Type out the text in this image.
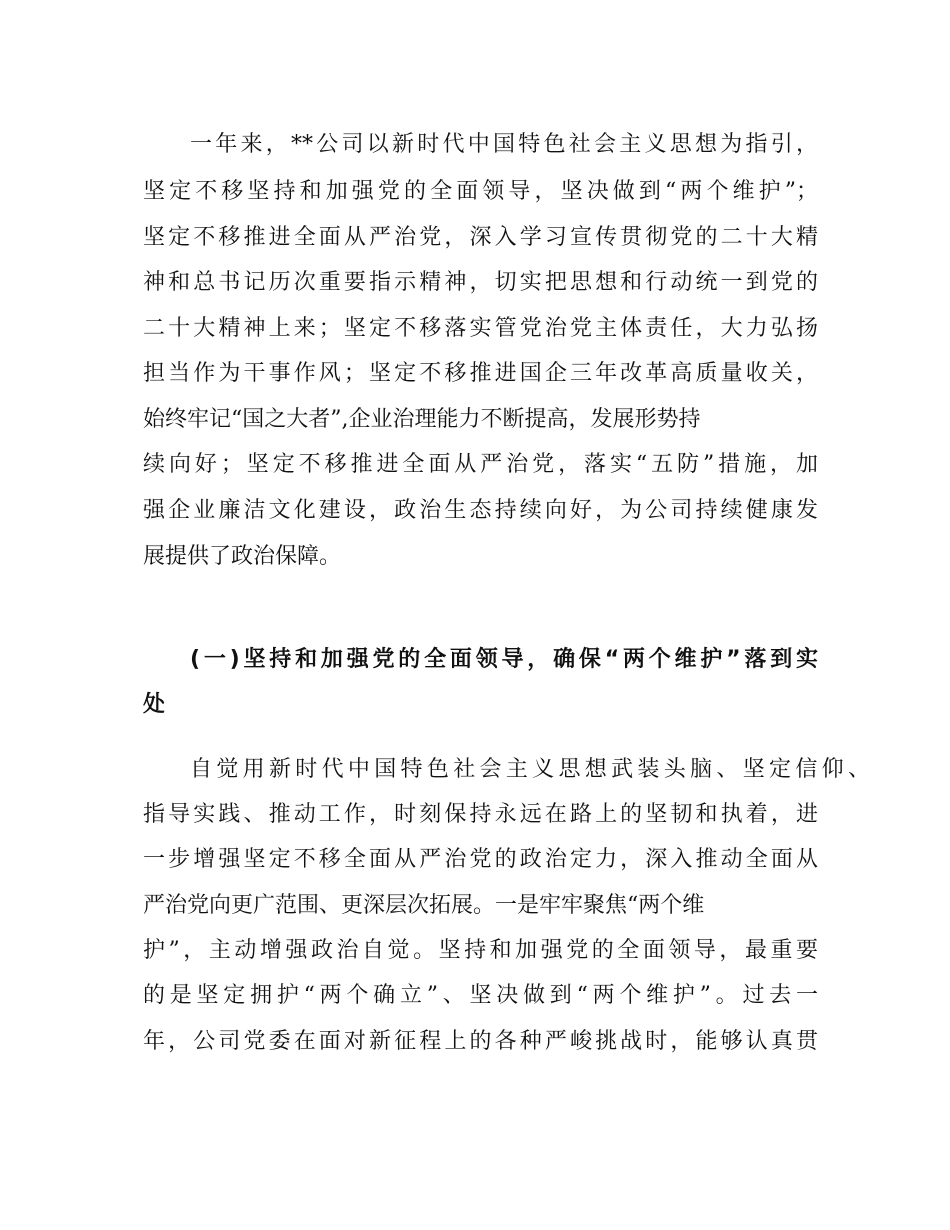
一年来，**公司以新时代中国特色社会主义思想为指引，
坚定不移坚持和加强党的全面领导，坚决做到“两个维护”；
坚定不移推进全面从严治党，深入学习宣传贯彻党的二十大精
神和总书记历次重要指示精神，切实把思想和行动统一到党的
二十大精神上来；坚定不移落实管党治党主体责任，大力弘扬
担当作为干事作风；坚定不移推进国企三年改革高质量收关，
始终牢记“国之大者”,企业治理能力不断提高，发展形势持
续向好；坚定不移推进全面从严治党，落实“五防”措施，加
强企业廉洁文化建设，政治生态持续向好，为公司持续健康发
展提供了政治保障。
(一)坚持和加强党的全面领导，确保“两个维护”落到实
处
自觉用新时代中国特色社会主义思想武装头脑、坚定信仰、
指导实践、推动工作，时刻保持永远在路上的坚韧和执着，进
一步增强坚定不移全面从严治党的政治定力，深入推动全面从
严治党向更广范围、更深层次拓展。一是牢牢聚焦“两个维
护”，主动增强政治自觉。坚持和加强党的全面领导，最重要
的是坚定拥护“两个确立”、坚决做到“两个维护”。过去一
年，公司党委在面对新征程上的各种严峻挑战时，能够认真贯
